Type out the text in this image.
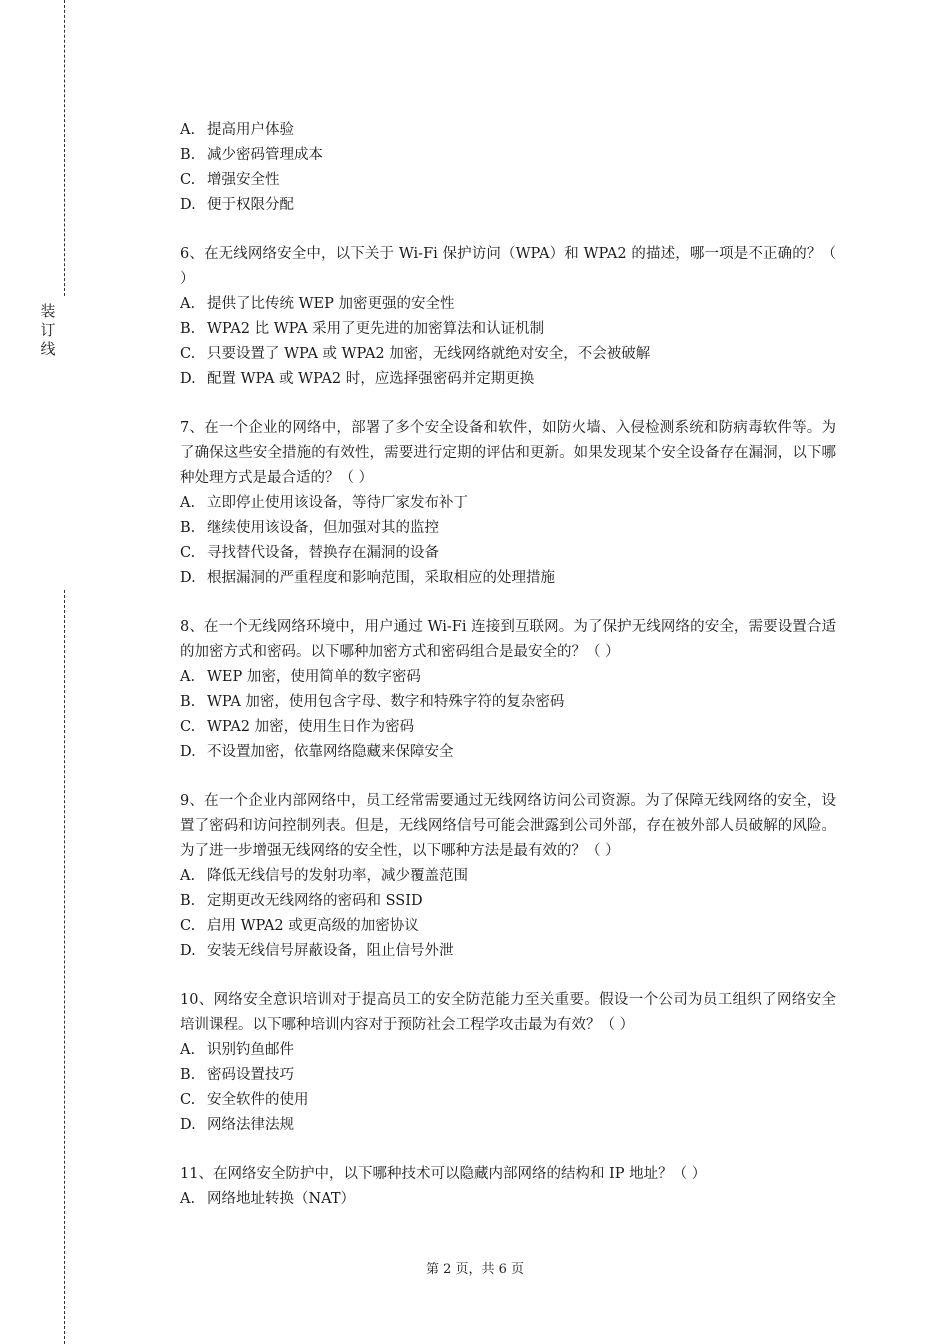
装
订
线
A. 提高用户体验
B. 减少密码管理成本
C. 增强安全性
D. 便于权限分配
6、在无线网络安全中，以下关于 Wi-Fi 保护访问（WPA）和 WPA2 的描述，哪一项是不正确的？（ ）
A. 提供了比传统 WEP 加密更强的安全性
B. WPA2 比 WPA 采用了更先进的加密算法和认证机制
C. 只要设置了 WPA 或 WPA2 加密，无线网络就绝对安全，不会被破解
D. 配置 WPA 或 WPA2 时，应选择强密码并定期更换
7、在一个企业的网络中，部署了多个安全设备和软件，如防火墙、入侵检测系统和防病毒软件等。为了确保这些安全措施的有效性，需要进行定期的评估和更新。如果发现某个安全设备存在漏洞，以下哪种处理方式是最合适的？（ ）
A. 立即停止使用该设备，等待厂家发布补丁
B. 继续使用该设备，但加强对其的监控
C. 寻找替代设备，替换存在漏洞的设备
D. 根据漏洞的严重程度和影响范围，采取相应的处理措施
8、在一个无线网络环境中，用户通过 Wi-Fi 连接到互联网。为了保护无线网络的安全，需要设置合适的加密方式和密码。以下哪种加密方式和密码组合是最安全的？（ ）
A. WEP 加密，使用简单的数字密码
B. WPA 加密，使用包含字母、数字和特殊字符的复杂密码
C. WPA2 加密，使用生日作为密码
D. 不设置加密，依靠网络隐藏来保障安全
9、在一个企业内部网络中，员工经常需要通过无线网络访问公司资源。为了保障无线网络的安全，设置了密码和访问控制列表。但是，无线网络信号可能会泄露到公司外部，存在被外部人员破解的风险。为了进一步增强无线网络的安全性，以下哪种方法是最有效的？（ ）
A. 降低无线信号的发射功率，减少覆盖范围
B. 定期更改无线网络的密码和 SSID
C. 启用 WPA2 或更高级的加密协议
D. 安装无线信号屏蔽设备，阻止信号外泄
10、网络安全意识培训对于提高员工的安全防范能力至关重要。假设一个公司为员工组织了网络安全培训课程。以下哪种培训内容对于预防社会工程学攻击最为有效？（ ）
A. 识别钓鱼邮件
B. 密码设置技巧
C. 安全软件的使用
D. 网络法律法规
11、在网络安全防护中，以下哪种技术可以隐藏内部网络的结构和 IP 地址？（ ）
A. 网络地址转换（NAT）
第 2 页，共 6 页
